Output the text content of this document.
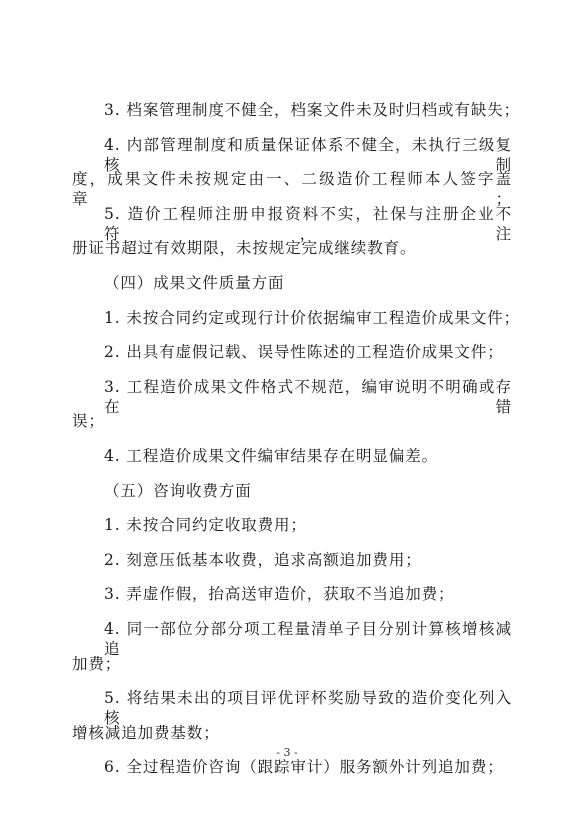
3. 档案管理制度不健全，档案文件未及时归档或有缺失；
4. 内部管理制度和质量保证体系不健全，未执行三级复核制
度，成果文件未按规定由一、二级造价工程师本人签字盖章；
5. 造价工程师注册申报资料不实，社保与注册企业不符，注
册证书超过有效期限，未按规定完成继续教育。
（四）成果文件质量方面
1. 未按合同约定或现行计价依据编审工程造价成果文件；
2. 出具有虚假记载、误导性陈述的工程造价成果文件；
3. 工程造价成果文件格式不规范，编审说明不明确或存在错
误；
4. 工程造价成果文件编审结果存在明显偏差。
（五）咨询收费方面
1. 未按合同约定收取费用；
2. 刻意压低基本收费，追求高额追加费用；
3. 弄虚作假，抬高送审造价，获取不当追加费；
4. 同一部位分部分项工程量清单子目分别计算核增核减追
加费；
5. 将结果未出的项目评优评杯奖励导致的造价变化列入核
增核减追加费基数；
6. 全过程造价咨询（跟踪审计）服务额外计列追加费；
- 3 -
